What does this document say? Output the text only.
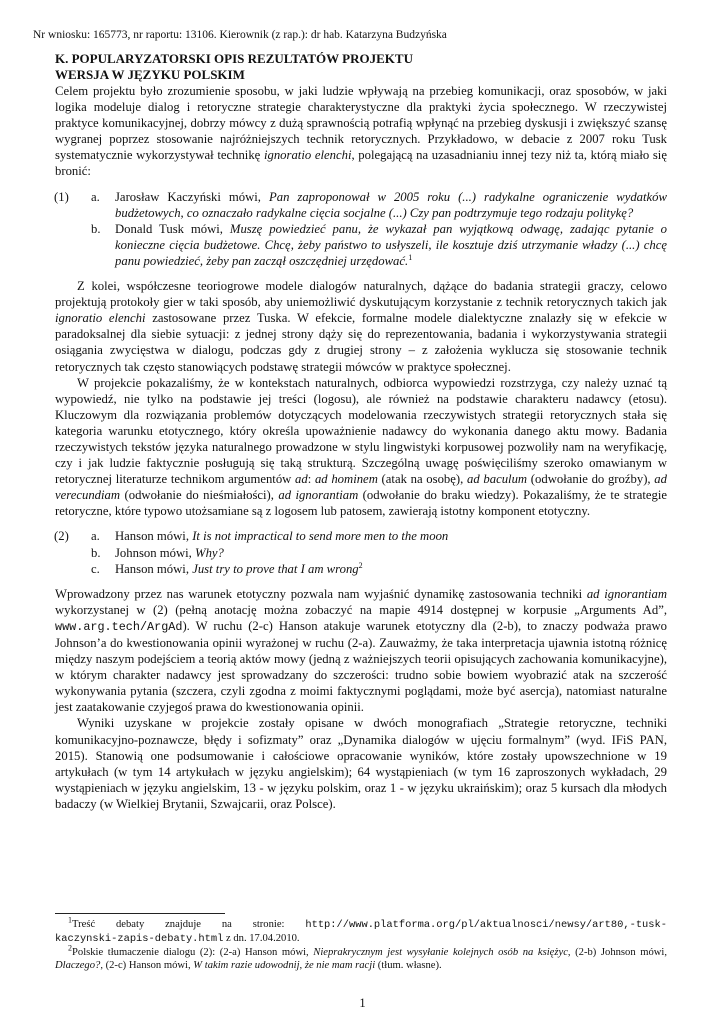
Nr wniosku: 165773, nr raportu: 13106. Kierownik (z rap.): dr hab. Katarzyna Budzyńska
K. POPULARYZATORSKI OPIS REZULTATÓW PROJEKTU
WERSJA W JĘZYKU POLSKIM

Celem projektu było zrozumienie sposobu, w jaki ludzie wpływają na przebieg komunikacji, oraz sposobów, w jaki logika modeluje dialog i retoryczne strategie charakterystyczne dla praktyki życia społecznego. W rzeczywistej praktyce komunikacyjnej, dobrzy mówcy z dużą sprawnością potrafią wpłynąć na przebieg dyskusji i zwiększyć szansę wygranej poprzez stosowanie najróżniejszych technik retorycznych. Przykładowo, w debacie z 2007 roku Tusk systematycznie wykorzystywał technikę ignoratio elenchi, polegającą na uzasadnianiu innej tezy niż ta, którą miało się bronić:

(1)	a.	Jarosław Kaczyński mówi, Pan zaproponował w 2005 roku (...) radykalne ograniczenie wydatków budżetowych, co oznaczało radykalne cięcia socjalne (...) Czy pan podtrzymuje tego rodzaju politykę?
b.	Donald Tusk mówi, Muszę powiedzieć panu, że wykazał pan wyjątkową odwagę, zadając pytanie o konieczne cięcia budżetowe. Chcę, żeby państwo to usłyszeli, ile kosztuje dziś utrzymanie władzy (...) chcę panu powiedzieć, żeby pan zaczął oszczędniej urzędować.$^1$

Z kolei, współczesne teoriogrowe modele dialogów naturalnych, dążące do badania strategii graczy, celowo projektują protokoły gier w taki sposób, aby uniemożliwić dyskutującym korzystanie z technik retorycznych takich jak ignoratio elenchi zastosowane przez Tuska. W efekcie, formalne modele dialektyczne znalazły się w efekcie w paradoksalnej dla siebie sytuacji: z jednej strony dąży się do reprezentowania, badania i wykorzystywania strategii osiągania zwycięstwa w dialogu, podczas gdy z drugiej strony – z założenia wyklucza się stosowanie technik retorycznych tak często stanowiących podstawę strategii mówców w praktyce społecznej.

W projekcie pokazaliśmy, że w kontekstach naturalnych, odbiorca wypowiedzi rozstrzyga, czy należy uznać tą wypowiedź, nie tylko na podstawie jej treści (logosu), ale również na podstawie charakteru nadawcy (etosu). Kluczowym dla rozwiązania problemów dotyczących modelowania rzeczywistych strategii retorycznych stała się kategoria warunku etotycznego, który określa upoważnienie nadawcy do wykonania danego aktu mowy. Badania rzeczywistych tekstów języka naturalnego prowadzone w stylu lingwistyki korpusowej pozwoliły nam na weryfikację, czy i jak ludzie faktycznie posługują się taką strukturą. Szczególną uwagę poświęciliśmy szeroko omawianym w retorycznej literaturze technikom argumentów ad: ad hominem (atak na osobę), ad baculum (odwołanie do groźby), ad verecundiam (odwołanie do nieśmiałości), ad ignorantiam (odwołanie do braku wiedzy). Pokazaliśmy, że te strategie retoryczne, które typowo utożsamiane są z logosem lub patosem, zawierają istotny komponent etotyczny.

(2)	a.	Hanson mówi, It is not impractical to send more men to the moon
b.	Johnson mówi, Why?
c.	Hanson mówi, Just try to prove that I am wrong$^2$

Wprowadzony przez nas warunek etotyczny pozwala nam wyjaśnić dynamikę zastosowania techniki ad ignorantiam wykorzystanej w (2) (pełną anotację można zobaczyć na mapie 4914 dostępnej w korpusie „Arguments Ad”, www.arg.tech/ArgAd). W ruchu (2-c) Hanson atakuje warunek etotyczny dla (2-b), to znaczy podważa prawo Johnson’a do kwestionowania opinii wyrażonej w ruchu (2-a). Zauważmy, że taka interpretacja ujawnia istotną różnicę między naszym podejściem a teorią aktów mowy (jedną z ważniejszych teorii opisujących zachowania komunikacyjne), w którym charakter nadawcy jest sprowadzany do szczerości: trudno sobie bowiem wyobrazić atak na szczerość wykonywania pytania (szczera, czyli zgodna z moimi faktycznymi poglądami, może być asercja), natomiast naturalne jest zaatakowanie czyjegoś prawa do kwestionowania opinii.

Wyniki uzyskane w projekcie zostały opisane w dwóch monografiach „Strategie retoryczne, techniki komunikacyjno-poznawcze, błędy i sofizmaty” oraz „Dynamika dialogów w ujęciu formalnym” (wyd. IFiS PAN, 2015). Stanowią one podsumowanie i całościowe opracowanie wyników, które zostały upowszechnione w 19 artykułach (w tym 14 artykułach w języku angielskim); 64 wystąpieniach (w tym 16 zaproszonych wykładach, 29 wystąpieniach w języku angielskim, 13 - w języku polskim, oraz 1 - w języku ukraińskim); oraz 5 kursach dla młodych badaczy (w Wielkiej Brytanii, Szwajcarii, oraz Polsce).

$^1$Treść debaty znajduje na stronie: http://www.platforma.org/pl/aktualnosci/newsy/art80,-tusk-kaczynski-zapis-debaty.html z dn. 17.04.2010.

$^2$Polskie tłumaczenie dialogu (2): (2-a) Hanson mówi, Nieprakrycznym jest wysyłanie kolejnych osób na księżyc, (2-b) Johnson mówi, Dlaczego?, (2-c) Hanson mówi, W takim razie udowodnij, że nie mam racji (tłum. własne).

1
